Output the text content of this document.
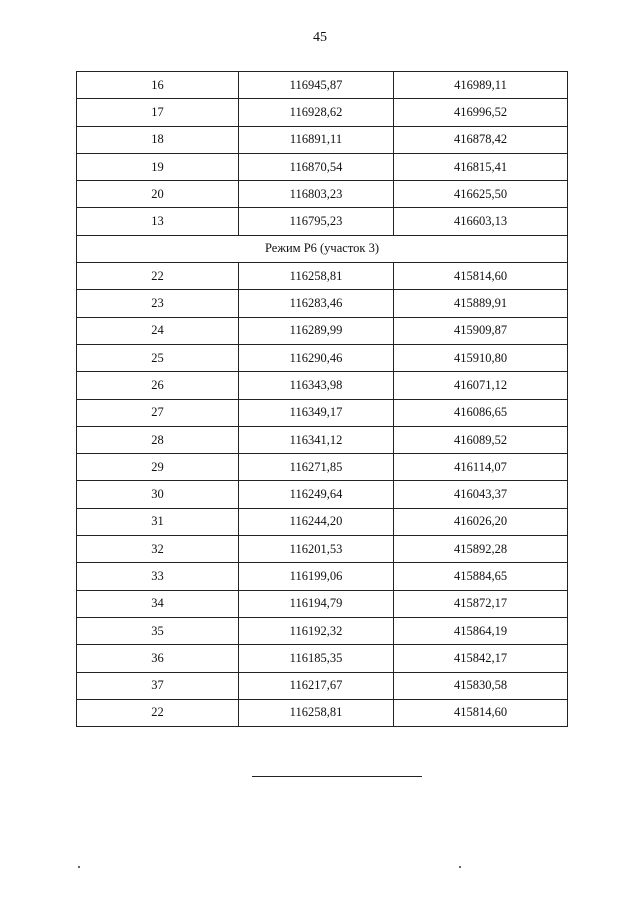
45
16	116945,87	416989,11
17	116928,62	416996,52
18	116891,11	416878,42
19	116870,54	416815,41
20	116803,23	416625,50
13	116795,23	416603,13
Режим Р6 (участок 3)		
22	116258,81	415814,60
23	116283,46	415889,91
24	116289,99	415909,87
25	116290,46	415910,80
26	116343,98	416071,12
27	116349,17	416086,65
28	116341,12	416089,52
29	116271,85	416114,07
30	116249,64	416043,37
31	116244,20	416026,20
32	116201,53	415892,28
33	116199,06	415884,65
34	116194,79	415872,17
35	116192,32	415864,19
36	116185,35	415842,17
37	116217,67	415830,58
22	116258,81	415814,60
